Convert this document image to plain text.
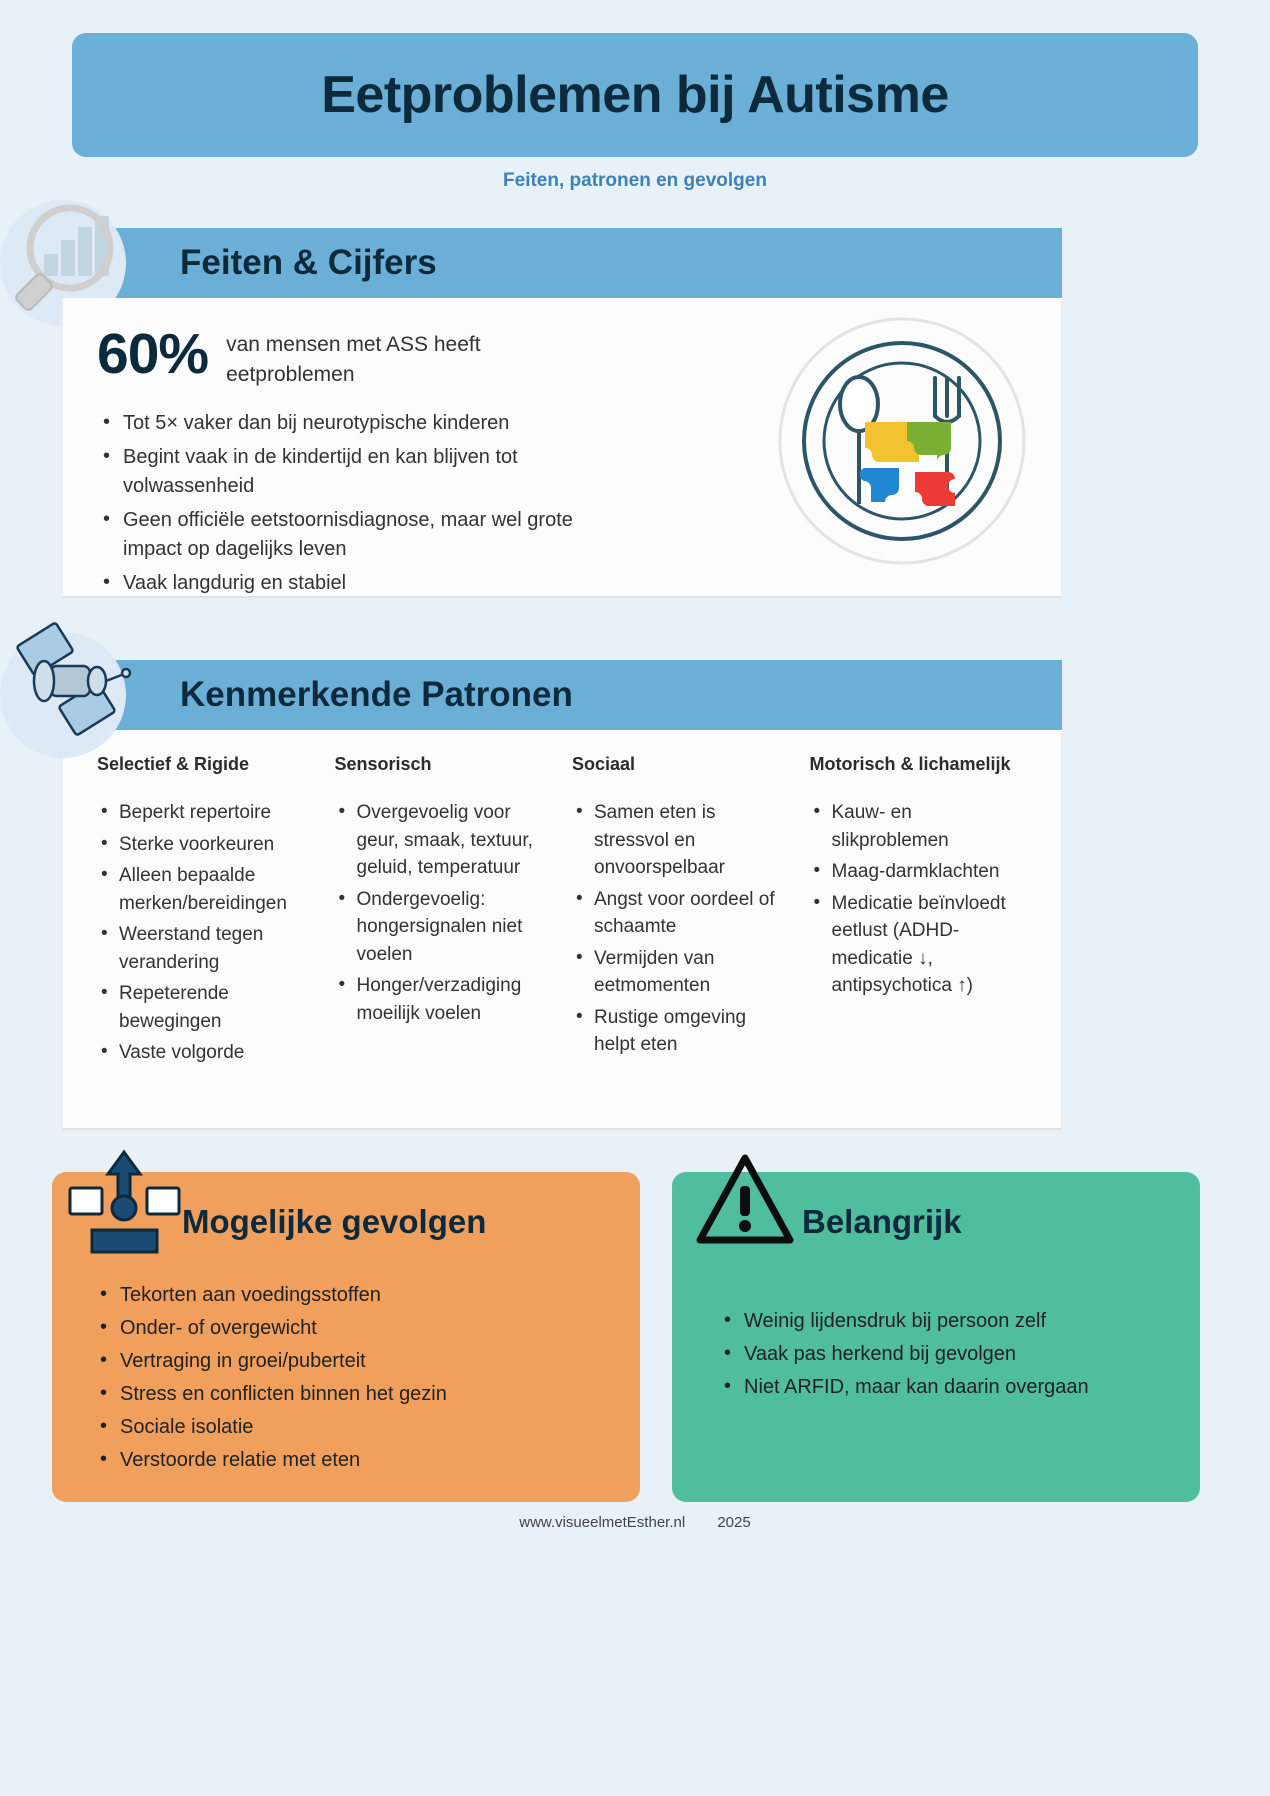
Eetproblemen bij Autisme
Feiten, patronen en gevolgen
Feiten & Cijfers
60% van mensen met ASS heeft eetproblemen
• Tot 5× vaker dan bij neurotypische kinderen
• Begint vaak in de kindertijd en kan blijven tot volwassenheid
• Geen officiële eetstoornisdiagnose, maar wel grote impact op dagelijks leven
• Vaak langdurig en stabiel
Kenmerkende Patronen
Selectief & Rigide
• Beperkt repertoire
• Sterke voorkeuren
• Alleen bepaalde merken/bereidingen
• Weerstand tegen verandering
• Repeterende bewegingen
• Vaste volgorde
Sensorisch
• Overgevoelig voor geur, smaak, textuur, geluid, temperatuur
• Ondergevoelig: hongersignalen niet voelen
• Honger/verzadiging moeilijk voelen
Sociaal
• Samen eten is stressvol en onvoorspelbaar
• Angst voor oordeel of schaamte
• Vermijden van eetmomenten
• Rustige omgeving helpt eten
Motorisch & lichamelijk
• Kauw- en slikproblemen
• Maag-darmklachten
• Medicatie beïnvloedt eetlust (ADHD-medicatie ↓, antipsychotica ↑)
Mogelijke gevolgen
• Tekorten aan voedingsstoffen
• Onder- of overgewicht
• Vertraging in groei/puberteit
• Stress en conflicten binnen het gezin
• Sociale isolatie
• Verstoorde relatie met eten
Belangrijk
• Weinig lijdensdruk bij persoon zelf
• Vaak pas herkend bij gevolgen
• Niet ARFID, maar kan daarin overgaan
www.visueelmetEsther.nl 2025
